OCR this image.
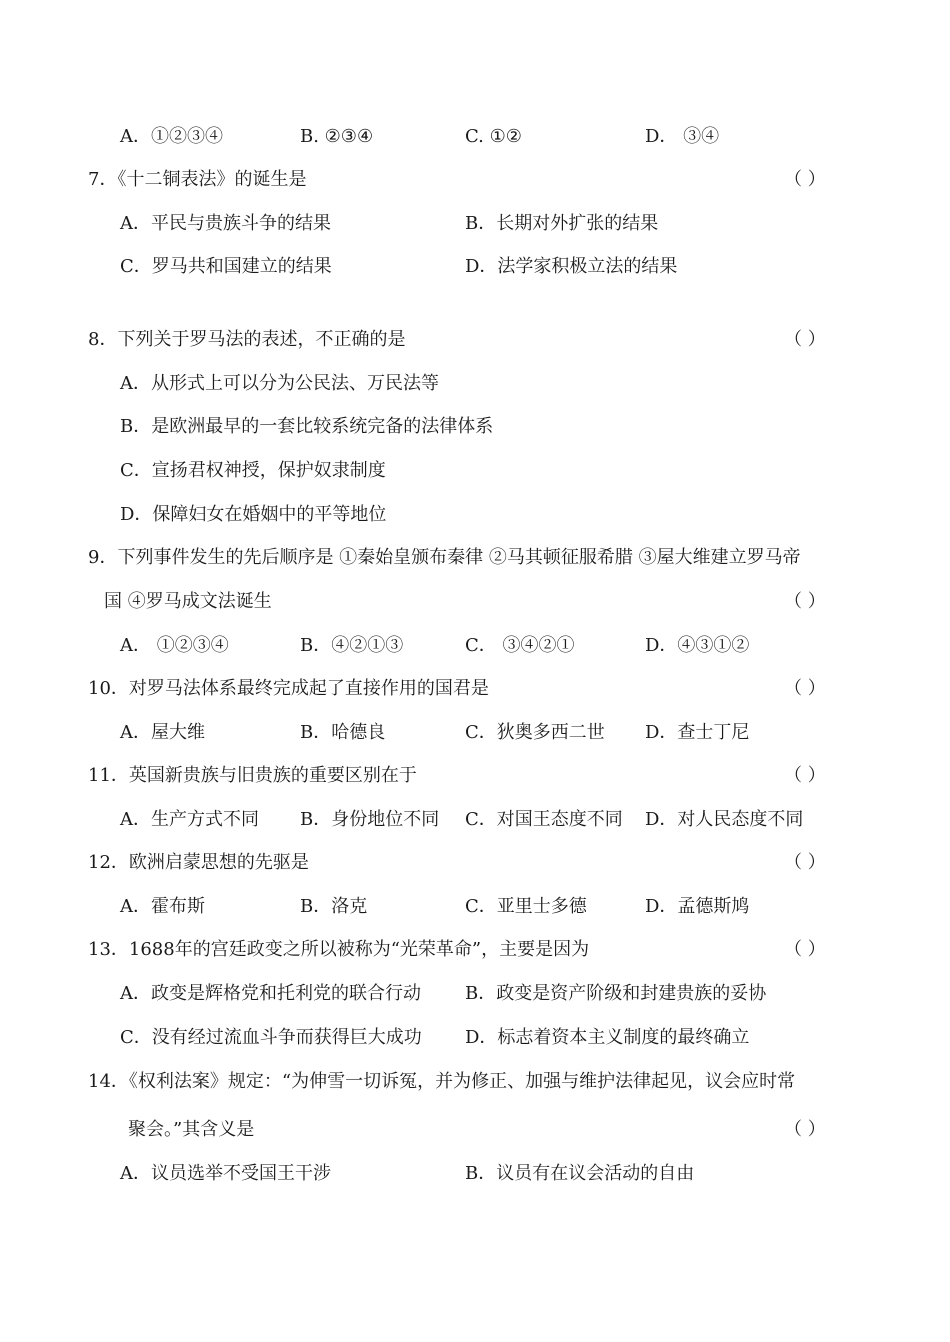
A．①②③④	B. ②③④	C. ①②	D． ③④
7．《十二铜表法》的诞生是	（ ）
A．平民与贵族斗争的结果	B．长期对外扩张的结果
C．罗马共和国建立的结果	D．法学家积极立法的结果
8．下列关于罗马法的表述，不正确的是	（ ）
A．从形式上可以分为公民法、万民法等
B．是欧洲最早的一套比较系统完备的法律体系
C．宣扬君权神授，保护奴隶制度
D．保障妇女在婚姻中的平等地位
9．下列事件发生的先后顺序是 ①秦始皇颁布秦律 ②马其顿征服希腊 ③屋大维建立罗马帝
国 ④罗马成文法诞生	（ ）
A． ①②③④	B．④②①③	C． ③④②①	D．④③①②
10．对罗马法体系最终完成起了直接作用的国君是	（ ）
A．屋大维	B．哈德良	C．狄奥多西二世 D．查士丁尼
11．英国新贵族与旧贵族的重要区别在于	（ ）
A．生产方式不同 B．身份地位不同 C．对国王态度不同 D．对人民态度不同
12．欧洲启蒙思想的先驱是	（ ）
A．霍布斯	B．洛克	C．亚里士多德	D．孟德斯鸠
13．1688年的宫廷政变之所以被称为“光荣革命”，主要是因为	（ ）
A．政变是辉格党和托利党的联合行动 B．政变是资产阶级和封建贵族的妥协
C．没有经过流血斗争而获得巨大成功 D．标志着资本主义制度的最终确立
14．《权利法案》规定：“为伸雪一切诉冤，并为修正、加强与维护法律起见，议会应时常
聚会。”其含义是	（ ）
A．议员选举不受国王干涉	B．议员有在议会活动的自由
